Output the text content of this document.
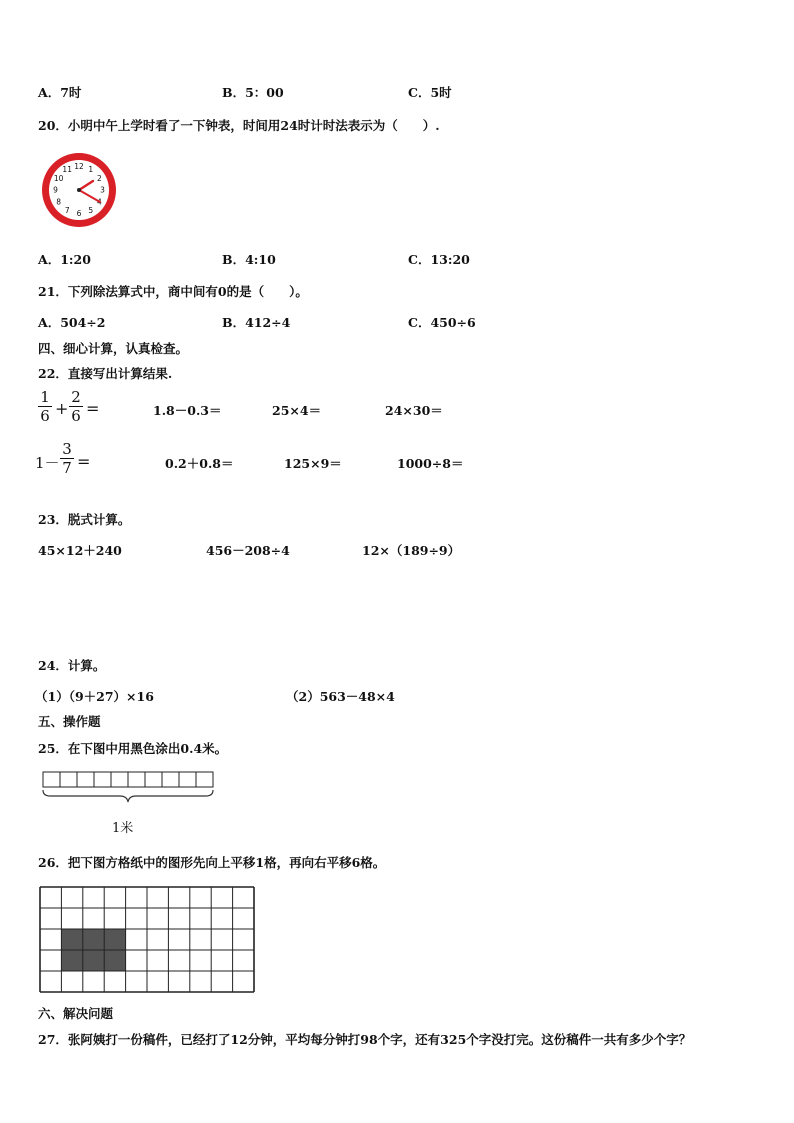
A．7时	B．5：00	C．5时
20．小明中午上学时看了一下钟表，时间用24时计时法表示为（　　）.
12 1
2
3
5
6
7
8
9
10
11
A．1:20	B．4:10	C．13:20
21．下列除法算式中，商中间有0的是（　　）。
A．504÷2	B．412÷4	C．450÷6
四、细心计算，认真检查。
22．直接写出计算结果.
1
6 +
2
6 =	1.8－0.3＝	25×4＝	24×30＝
1－
3
7 =	0.2＋0.8＝	125×9＝	1000÷8＝
23．脱式计算。
45×12＋240	456－208÷4	12×（189÷9）
24．计算。
（1）（9＋27）×16	（2）563－48×4
五、操作题
25．在下图中用黑色涂出0.4米。
1米
26．把下图方格纸中的图形先向上平移1格，再向右平移6格。
六、解决问题
27．张阿姨打一份稿件，已经打了12分钟，平均每分钟打98个字，还有325个字没打完。这份稿件一共有多少个字？
